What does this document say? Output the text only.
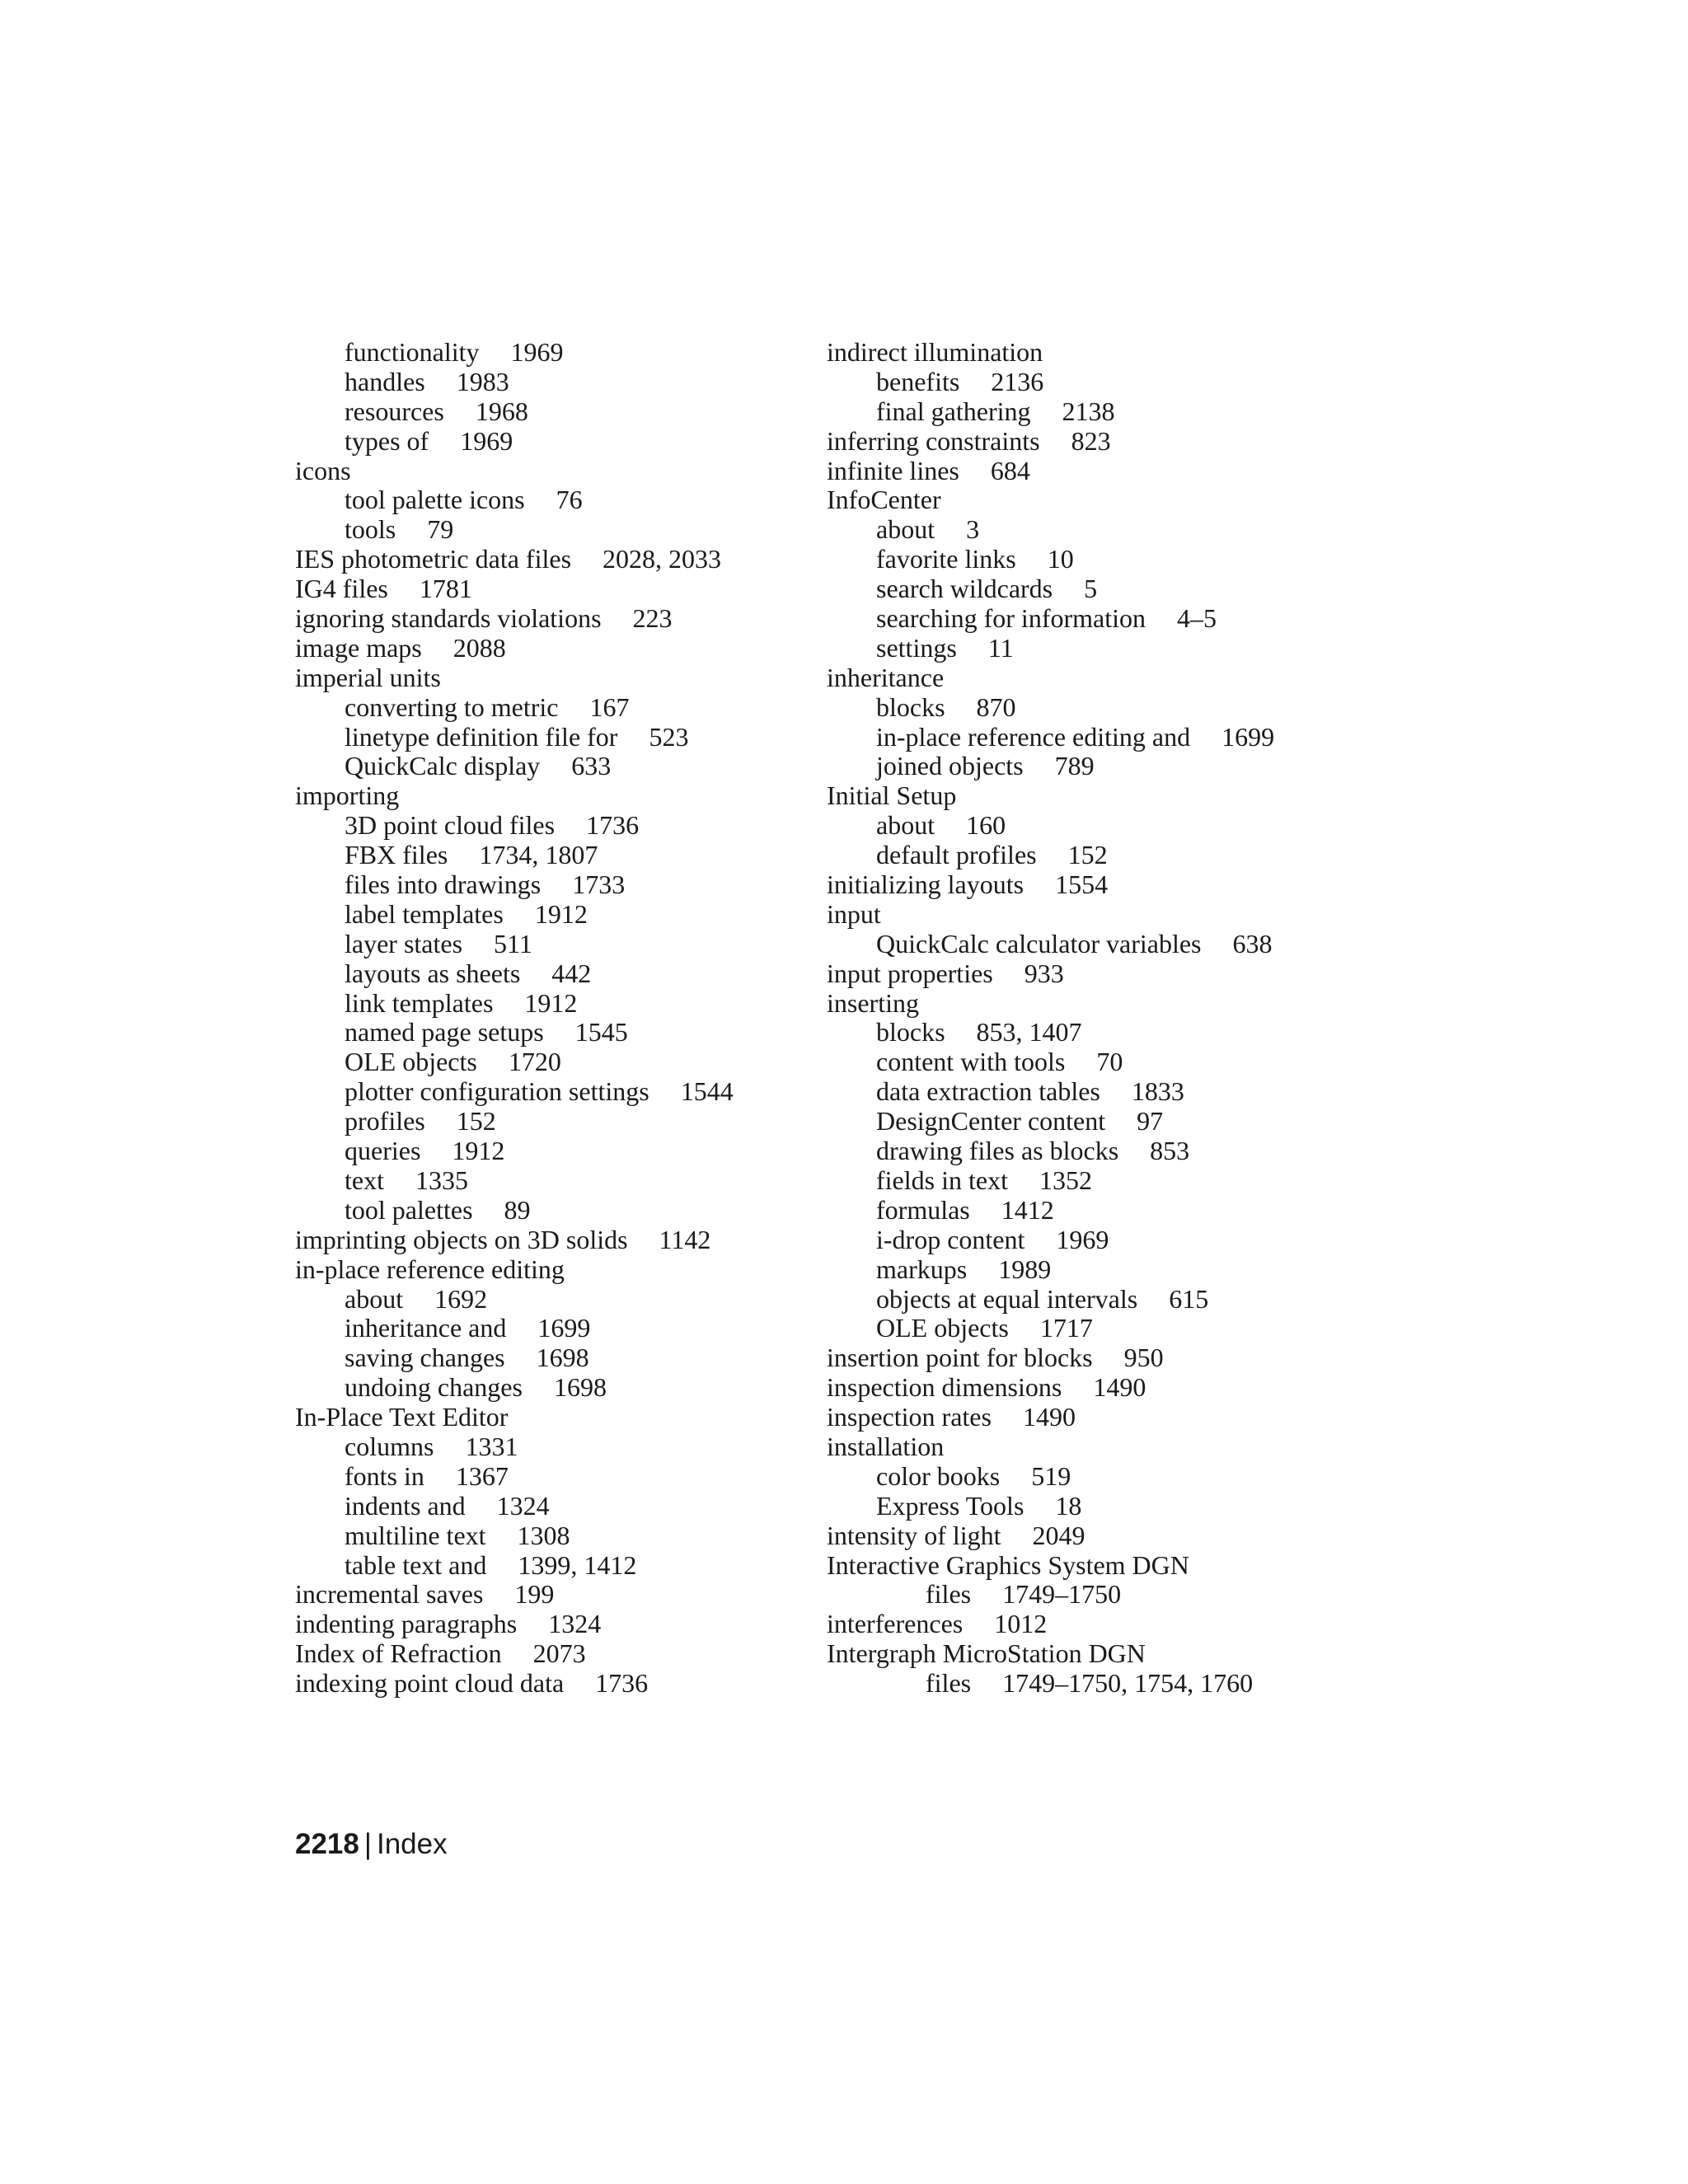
functionality 1969
handles 1983
resources 1968
types of 1969
icons
tool palette icons 76
tools 79
IES photometric data files 2028, 2033
IG4 files 1781
ignoring standards violations 223
image maps 2088
imperial units
converting to metric 167
linetype definition file for 523
QuickCalc display 633
importing
3D point cloud files 1736
FBX files 1734, 1807
files into drawings 1733
label templates 1912
layer states 511
layouts as sheets 442
link templates 1912
named page setups 1545
OLE objects 1720
plotter configuration settings 1544
profiles 152
queries 1912
text 1335
tool palettes 89
imprinting objects on 3D solids 1142
in-place reference editing
about 1692
inheritance and 1699
saving changes 1698
undoing changes 1698
In-Place Text Editor
columns 1331
fonts in 1367
indents and 1324
multiline text 1308
table text and 1399, 1412
incremental saves 199
indenting paragraphs 1324
Index of Refraction 2073
indexing point cloud data 1736
indirect illumination
benefits 2136
final gathering 2138
inferring constraints 823
infinite lines 684
InfoCenter
about 3
favorite links 10
search wildcards 5
searching for information 4–5
settings 11
inheritance
blocks 870
in-place reference editing and 1699
joined objects 789
Initial Setup
about 160
default profiles 152
initializing layouts 1554
input
QuickCalc calculator variables 638
input properties 933
inserting
blocks 853, 1407
content with tools 70
data extraction tables 1833
DesignCenter content 97
drawing files as blocks 853
fields in text 1352
formulas 1412
i-drop content 1969
markups 1989
objects at equal intervals 615
OLE objects 1717
insertion point for blocks 950
inspection dimensions 1490
inspection rates 1490
installation
color books 519
Express Tools 18
intensity of light 2049
Interactive Graphics System DGN
files 1749–1750
interferences 1012
Intergraph MicroStation DGN
files 1749–1750, 1754, 1760
2218 | Index
